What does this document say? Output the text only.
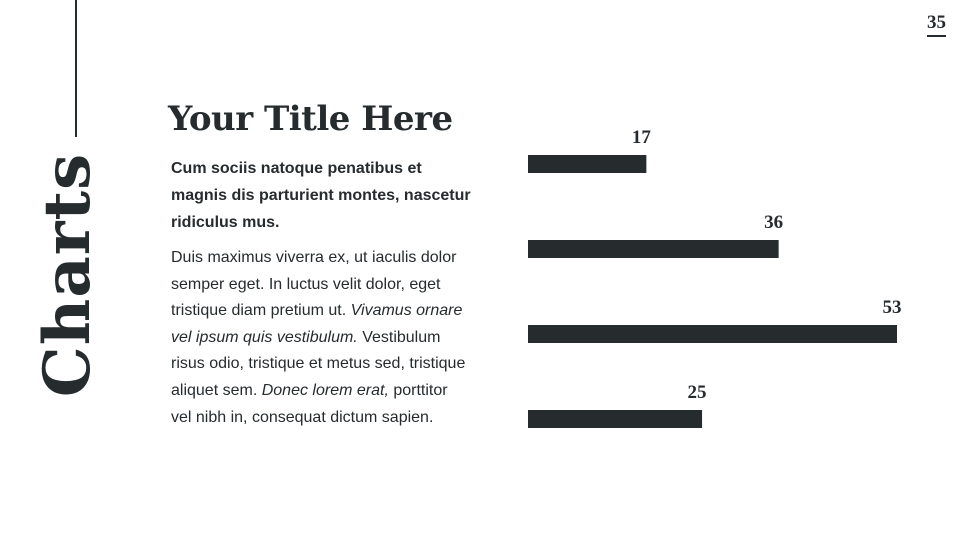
Charts
35
Your Title Here

Cum sociis natoque penatibus et magnis dis parturient montes, nascetur ridiculus mus.

Duis maximus viverra ex, ut iaculis dolor semper eget. In luctus velit dolor, eget tristique diam pretium ut. Vivamus ornare vel ipsum quis vestibulum. Vestibulum risus odio, tristique et metus sed, tristique aliquet sem. Donec lorem erat, porttitor vel nibh in, consequat dictum sapien.

17
36
53
25
